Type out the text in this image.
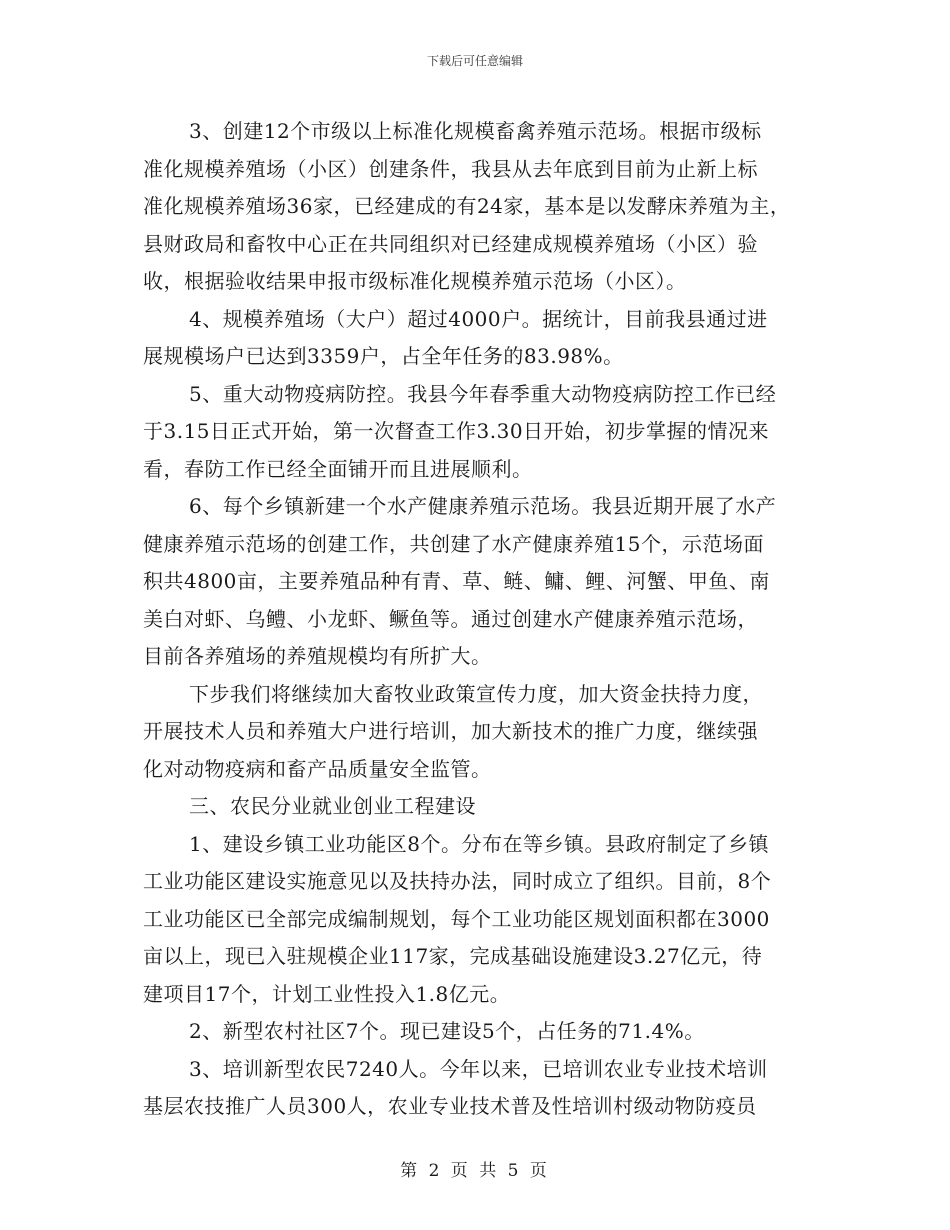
下载后可任意编辑
3、创建12个市级以上标准化规模畜禽养殖示范场。根据市级标
准化规模养殖场（小区）创建条件，我县从去年底到目前为止新上标
准化规模养殖场36家，已经建成的有24家，基本是以发酵床养殖为主，
县财政局和畜牧中心正在共同组织对已经建成规模养殖场（小区）验
收，根据验收结果申报市级标准化规模养殖示范场（小区）。
4、规模养殖场（大户）超过4000户。据统计，目前我县通过进
展规模场户已达到3359户，占全年任务的83.98%。
5、重大动物疫病防控。我县今年春季重大动物疫病防控工作已经
于3.15日正式开始，第一次督查工作3.30日开始，初步掌握的情况来
看，春防工作已经全面铺开而且进展顺利。
6、每个乡镇新建一个水产健康养殖示范场。我县近期开展了水产
健康养殖示范场的创建工作，共创建了水产健康养殖15个，示范场面
积共4800亩，主要养殖品种有青、草、鲢、鳙、鲤、河蟹、甲鱼、南
美白对虾、乌鳢、小龙虾、鳜鱼等。通过创建水产健康养殖示范场，
目前各养殖场的养殖规模均有所扩大。
下步我们将继续加大畜牧业政策宣传力度，加大资金扶持力度，
开展技术人员和养殖大户进行培训，加大新技术的推广力度，继续强
化对动物疫病和畜产品质量安全监管。
三、农民分业就业创业工程建设
1、建设乡镇工业功能区8个。分布在等乡镇。县政府制定了乡镇
工业功能区建设实施意见以及扶持办法，同时成立了组织。目前，8个
工业功能区已全部完成编制规划，每个工业功能区规划面积都在3000
亩以上，现已入驻规模企业117家，完成基础设施建设3.27亿元，待
建项目17个，计划工业性投入1.8亿元。
2、新型农村社区7个。现已建设5个，占任务的71.4%。
3、培训新型农民7240人。今年以来，已培训农业专业技术培训
基层农技推广人员300人，农业专业技术普及性培训村级动物防疫员
第 2 页 共 5 页
